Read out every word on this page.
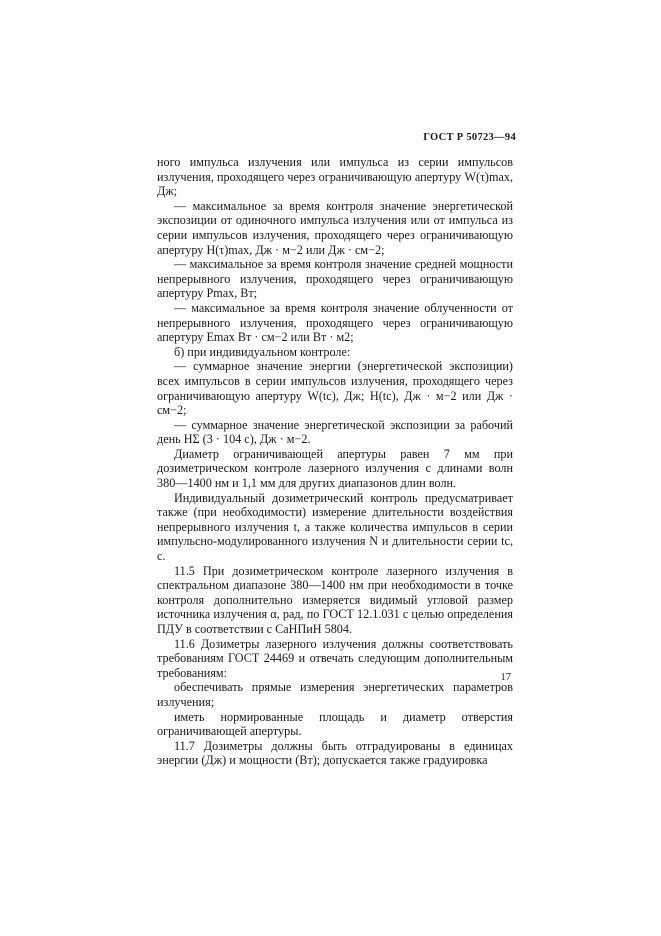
ГОСТ Р 50723—94

ного импульса излучения или импульса из серии импульсов излучения, проходящего через ограничивающую апертуру W(τ)max, Дж;

— максимальное за время контроля значение энергетической экспозиции от одиночного импульса излучения или от импульса из серии импульсов излучения, проходящего через ограничивающую апертуру H(τ)max, Дж · м−2 или Дж · см−2;

— максимальное за время контроля значение средней мощности непрерывного излучения, проходящего через ограничивающую апертуру Pmax, Вт;

— максимальное за время контроля значение облученности от непрерывного излучения, проходящего через ограничивающую апертуру Emax Вт · см−2 или Вт · м2;

б) при индивидуальном контроле:

— суммарное значение энергии (энергетической экспозиции) всех импульсов в серии импульсов излучения, проходящего через ограничивающую апертуру W(tc), Дж; H(tc), Дж · м−2 или Дж · см−2;

— суммарное значение энергетической экспозиции за рабочий день HΣ (3 · 104 с), Дж · м−2.

Диаметр ограничивающей апертуры равен 7 мм при дозиметрическом контроле лазерного излучения с длинами волн 380—1400 нм и 1,1 мм для других диапазонов длин волн.

Индивидуальный дозиметрический контроль предусматривает также (при необходимости) измерение длительности воздействия непрерывного излучения t, а также количества импульсов в серии импульсно-модулированного излучения N и длительности серии tc, с.

11.5 При дозиметрическом контроле лазерного излучения в спектральном диапазоне 380—1400 нм при необходимости в точке контроля дополнительно измеряется видимый угловой размер источника излучения α, рад, по ГОСТ 12.1.031 с целью определения ПДУ в соответствии с СаНПиН 5804.

11.6 Дозиметры лазерного излучения должны соответствовать требованиям ГОСТ 24469 и отвечать следующим дополнительным требованиям:

обеспечивать прямые измерения энергетических параметров излучения;

иметь нормированные площадь и диаметр отверстия ограничивающей апертуры.

11.7 Дозиметры должны быть отградуированы в единицах энергии (Дж) и мощности (Вт); допускается также градуировка

17
